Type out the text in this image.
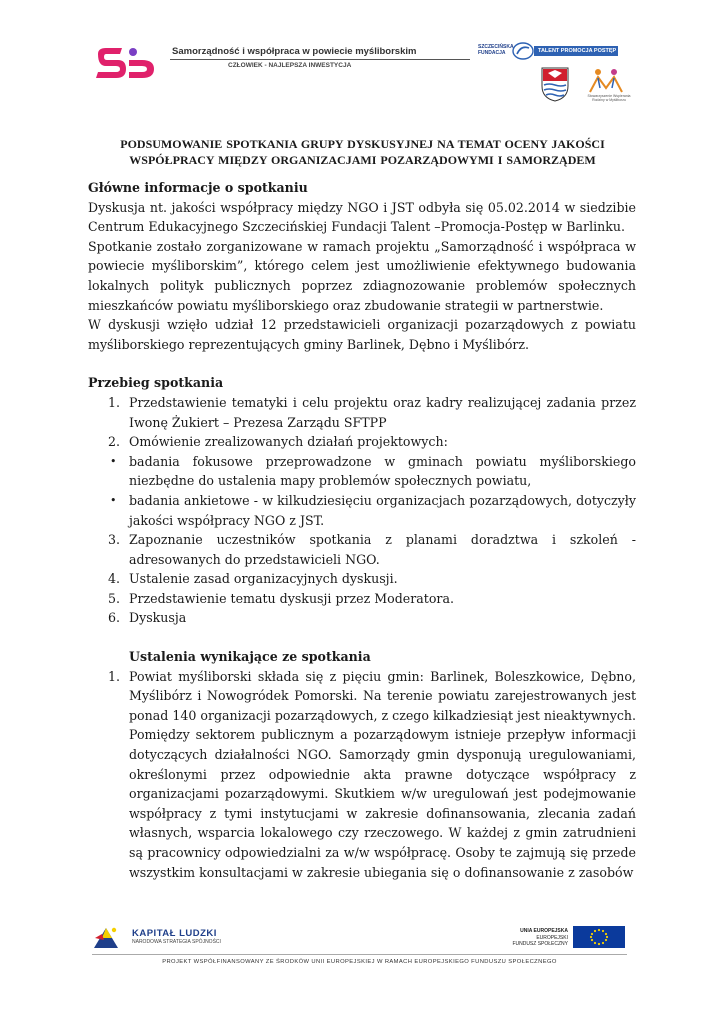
Samorządność i współpraca w powiecie myśliborskim
CZŁOWIEK - NAJLEPSZA INWESTYCJA
SZCZECIŃSKA FUNDACJA	TALENT PROMOCJA POSTĘP
Stowarzyszenie Wspierania Rodziny w Myśliborzu
PODSUMOWANIE SPOTKANIA GRUPY DYSKUSYJNEJ NA TEMAT OCENY JAKOŚCI
WSPÓŁPRACY MIĘDZY ORGANIZACJAMI POZARZĄDOWYMI I SAMORZĄDEM

Główne informacje o spotkaniu

Dyskusja nt. jakości współpracy między NGO i JST odbyła się 05.02.2014 w siedzibie Centrum Edukacyjnego Szczecińskiej Fundacji Talent –Promocja-Postęp w Barlinku.

Spotkanie zostało zorganizowane w ramach projektu „Samorządność i współpraca w powiecie myśliborskim”, którego celem jest umożliwienie efektywnego budowania lokalnych polityk publicznych poprzez zdiagnozowanie problemów społecznych mieszkańców powiatu myśliborskiego oraz zbudowanie strategii w partnerstwie.

W dyskusji wzięło udział 12 przedstawicieli organizacji pozarządowych z powiatu myśliborskiego reprezentujących gminy Barlinek, Dębno i Myślibórz.

Przebieg spotkania

1. Przedstawienie tematyki i celu projektu oraz kadry realizującej zadania przez Iwonę Żukiert – Prezesa Zarządu SFTPP
2. Omówienie zrealizowanych działań projektowych:
• badania fokusowe przeprowadzone w gminach powiatu myśliborskiego niezbędne do ustalenia mapy problemów społecznych powiatu,
• badania ankietowe - w kilkudziesięciu organizacjach pozarządowych, dotyczyły jakości współpracy NGO z JST.
3. Zapoznanie uczestników spotkania z planami doradztwa i szkoleń - adresowanych do przedstawicieli NGO.
4. Ustalenie zasad organizacyjnych dyskusji.
5. Przedstawienie tematu dyskusji przez Moderatora.
6. Dyskusja

Ustalenia wynikające ze spotkania

1. Powiat myśliborski składa się z pięciu gmin: Barlinek, Boleszkowice, Dębno, Myślibórz i Nowogródek Pomorski. Na terenie powiatu zarejestrowanych jest ponad 140 organizacji pozarządowych, z czego kilkadziesiąt jest nieaktywnych. Pomiędzy sektorem publicznym a pozarządowym istnieje przepływ informacji dotyczących działalności NGO. Samorządy gmin dysponują uregulowaniami, określonymi przez odpowiednie akta prawne dotyczące współpracy z organizacjami pozarządowymi. Skutkiem w/w uregulowań jest podejmowanie współpracy z tymi instytucjami w zakresie dofinansowania, zlecania zadań własnych, wsparcia lokalowego czy rzeczowego. W każdej z gmin zatrudnieni są pracownicy odpowiedzialni za w/w współpracę. Osoby te zajmują się przede wszystkim konsultacjami w zakresie ubiegania się o dofinansowanie z zasobów
KAPITAŁ LUDZKI
NARODOWA STRATEGIA SPÓJNOŚCI
UNIA EUROPEJSKA
EUROPEJSKI
FUNDUSZ SPOŁECZNY
PROJEKT WSPÓŁFINANSOWANY ZE ŚRODKÓW UNII EUROPEJSKIEJ W RAMACH EUROPEJSKIEGO FUNDUSZU SPOŁECZNEGO
